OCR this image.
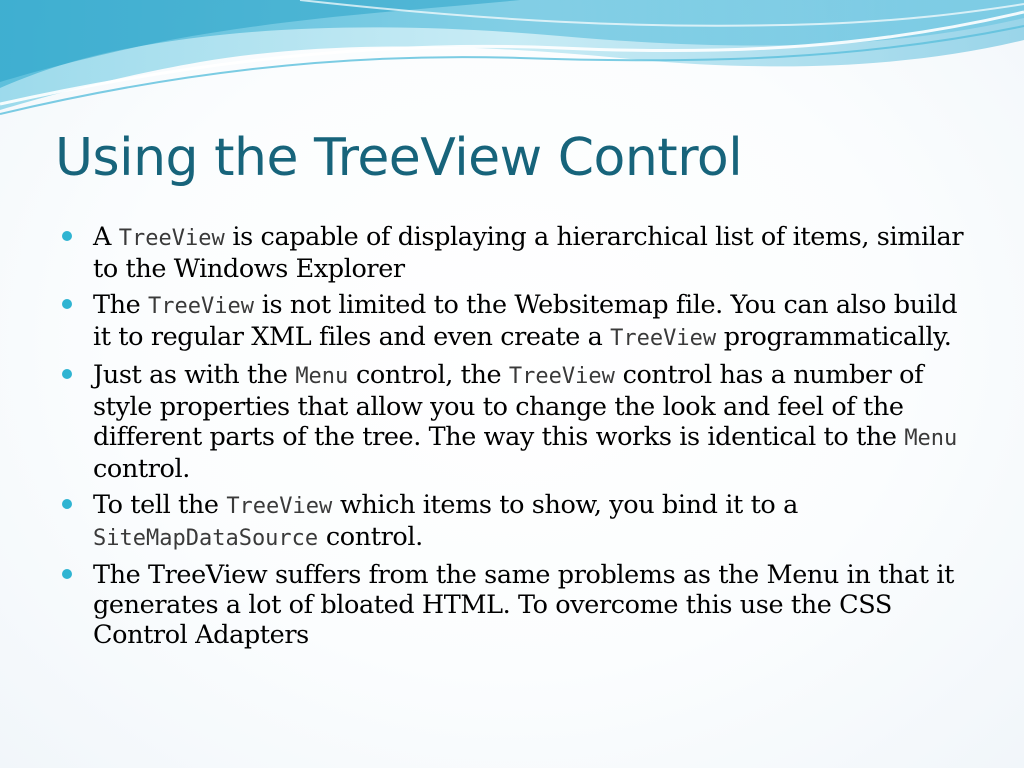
Using the TreeView Control
A TreeView is capable of displaying a hierarchical list of items, similar to the Windows Explorer
The TreeView is not limited to the Websitemap file. You can also build it to regular XML files and even create a TreeView programmatically.
Just as with the Menu control, the TreeView control has a number of style properties that allow you to change the look and feel of the different parts of the tree. The way this works is identical to the Menu control.
To tell the TreeView which items to show, you bind it to a SiteMapDataSource control.
The TreeView suffers from the same problems as the Menu in that it generates a lot of bloated HTML. To overcome this use the CSS Control Adapters
